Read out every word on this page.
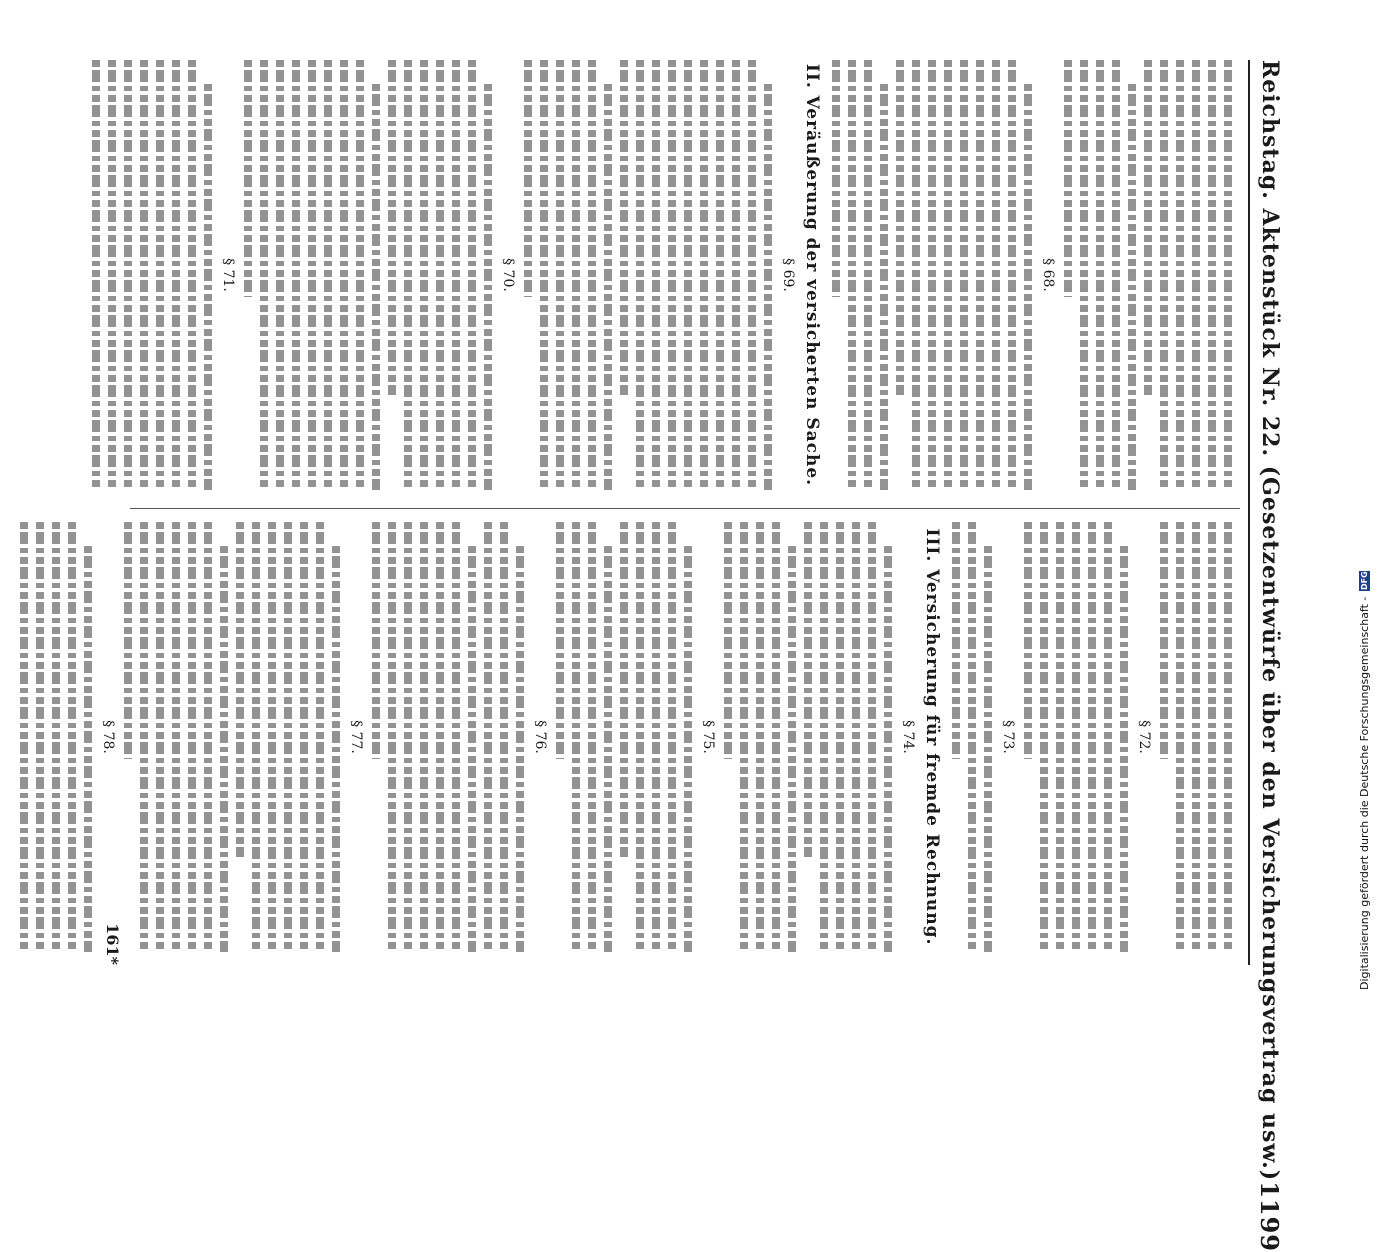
Reichstag. Aktenstück Nr. 22. (Gesetzentwürfe über den Versicherungsvertrag usw.)
1199
§ 68.
II. Veräußerung der versicherten Sache.
§ 69.
§ 70.
§ 71.
§ 72.
§ 73.
III. Versicherung für fremde Rechnung.
§ 74.
§ 75.
§ 76.
§ 77.
§ 78.
161*	Digitalisierung gefördert durch die Deutsche Forschungsgemeinschaft -
DFG
